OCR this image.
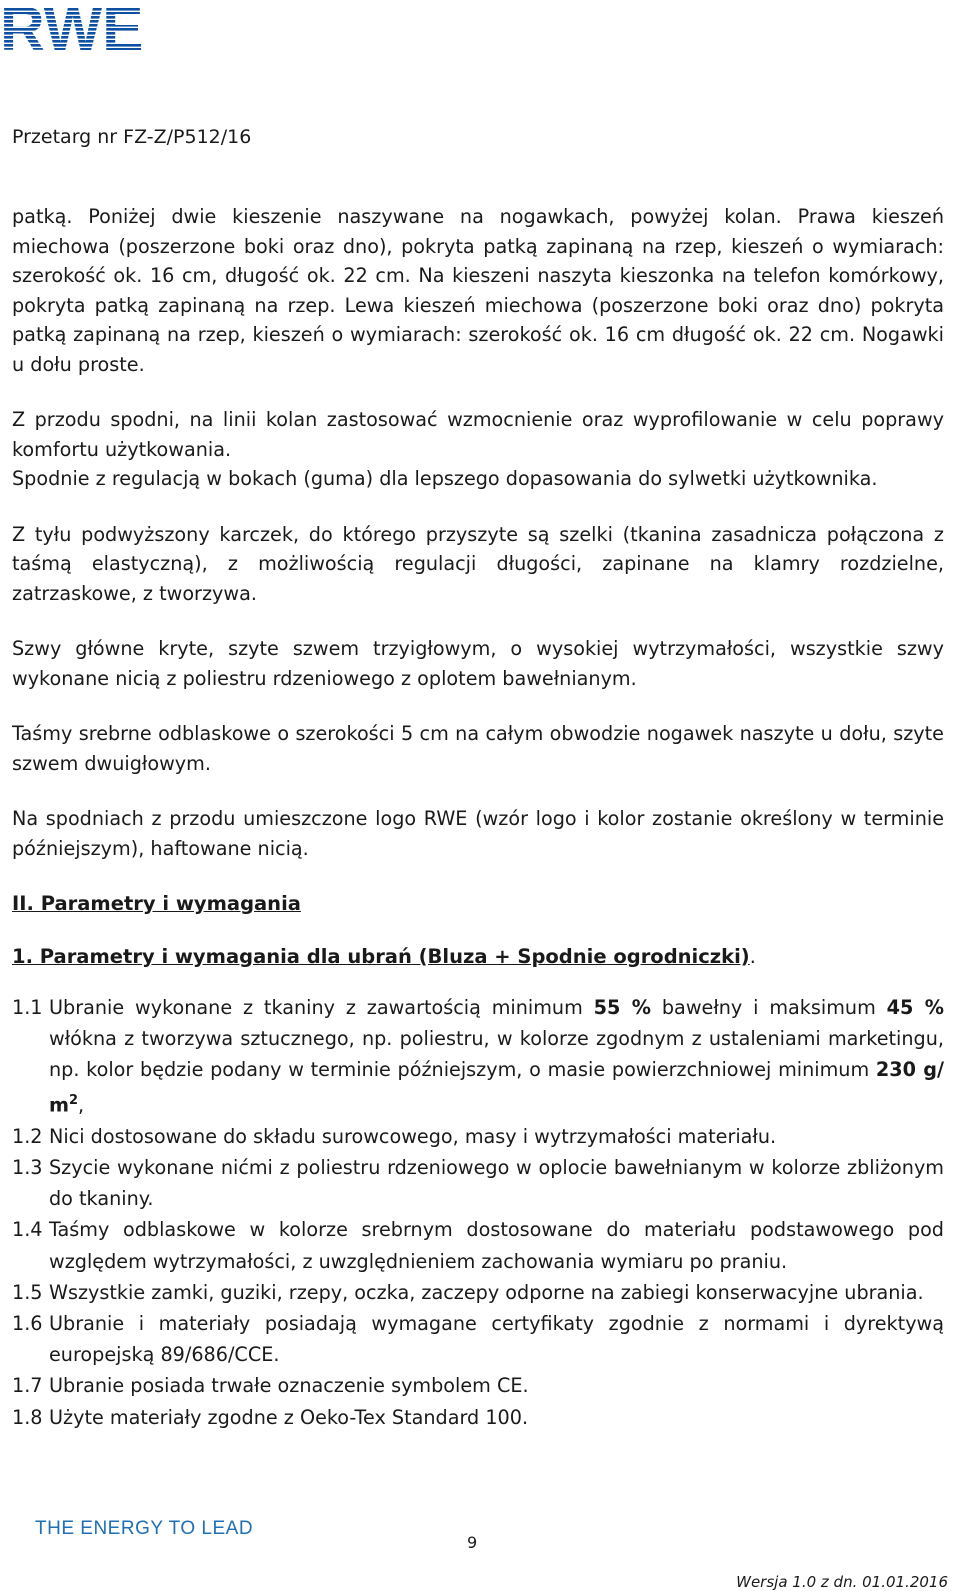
RWE
Przetarg nr FZ-Z/P512/16

patką. Poniżej dwie kieszenie naszywane na nogawkach, powyżej kolan. Prawa kieszeń miechowa (poszerzone boki oraz dno), pokryta patką zapinaną na rzep, kieszeń o wymiarach: szerokość ok. 16 cm, długość ok. 22 cm. Na kieszeni naszyta kieszonka na telefon komórkowy, pokryta patką zapinaną na rzep. Lewa kieszeń miechowa (poszerzone boki oraz dno) pokryta patką zapinaną na rzep, kieszeń o wymiarach: szerokość ok. 16 cm długość ok. 22 cm. Nogawki u dołu proste.

Z przodu spodni, na linii kolan zastosować wzmocnienie oraz wyprofilowanie w celu poprawy komfortu użytkowania.

Spodnie z regulacją w bokach (guma) dla lepszego dopasowania do sylwetki użytkownika.

Z tyłu podwyższony karczek, do którego przyszyte są szelki (tkanina zasadnicza połączona z taśmą elastyczną), z możliwością regulacji długości, zapinane na klamry rozdzielne, zatrzaskowe, z tworzywa.

Szwy główne kryte, szyte szwem trzyigłowym, o wysokiej wytrzymałości, wszystkie szwy wykonane nicią z poliestru rdzeniowego z oplotem bawełnianym.

Taśmy srebrne odblaskowe o szerokości 5 cm na całym obwodzie nogawek naszyte u dołu, szyte szwem dwuigłowym.

Na spodniach z przodu umieszczone logo RWE (wzór logo i kolor zostanie określony w terminie późniejszym), haftowane nicią.

II. Parametry i wymagania

1. Parametry i wymagania dla ubrań (Bluza + Spodnie ogrodniczki).

1.1 Ubranie wykonane z tkaniny z zawartością minimum 55 % bawełny i maksimum 45 % włókna z tworzywa sztucznego, np. poliestru, w kolorze zgodnym z ustaleniami marketingu, np. kolor będzie podany w terminie późniejszym, o masie powierzchniowej minimum 230 g/ $m^2$,
1.2 Nici dostosowane do składu surowcowego, masy i wytrzymałości materiału.
1.3 Szycie wykonane nićmi z poliestru rdzeniowego w oplocie bawełnianym w kolorze zbliżonym do tkaniny.
1.4 Taśmy odblaskowe w kolorze srebrnym dostosowane do materiału podstawowego pod względem wytrzymałości, z uwzględnieniem zachowania wymiaru po praniu.
1.5 Wszystkie zamki, guziki, rzepy, oczka, zaczepy odporne na zabiegi konserwacyjne ubrania.
1.6 Ubranie i materiały posiadają wymagane certyfikaty zgodnie z normami i dyrektywą europejską 89/686/CCE.
1.7 Ubranie posiada trwałe oznaczenie symbolem CE.
1.8 Użyte materiały zgodne z Oeko-Tex Standard 100.
THE ENERGY TO LEAD
9
Wersja 1.0 z dn. 01.01.2016
